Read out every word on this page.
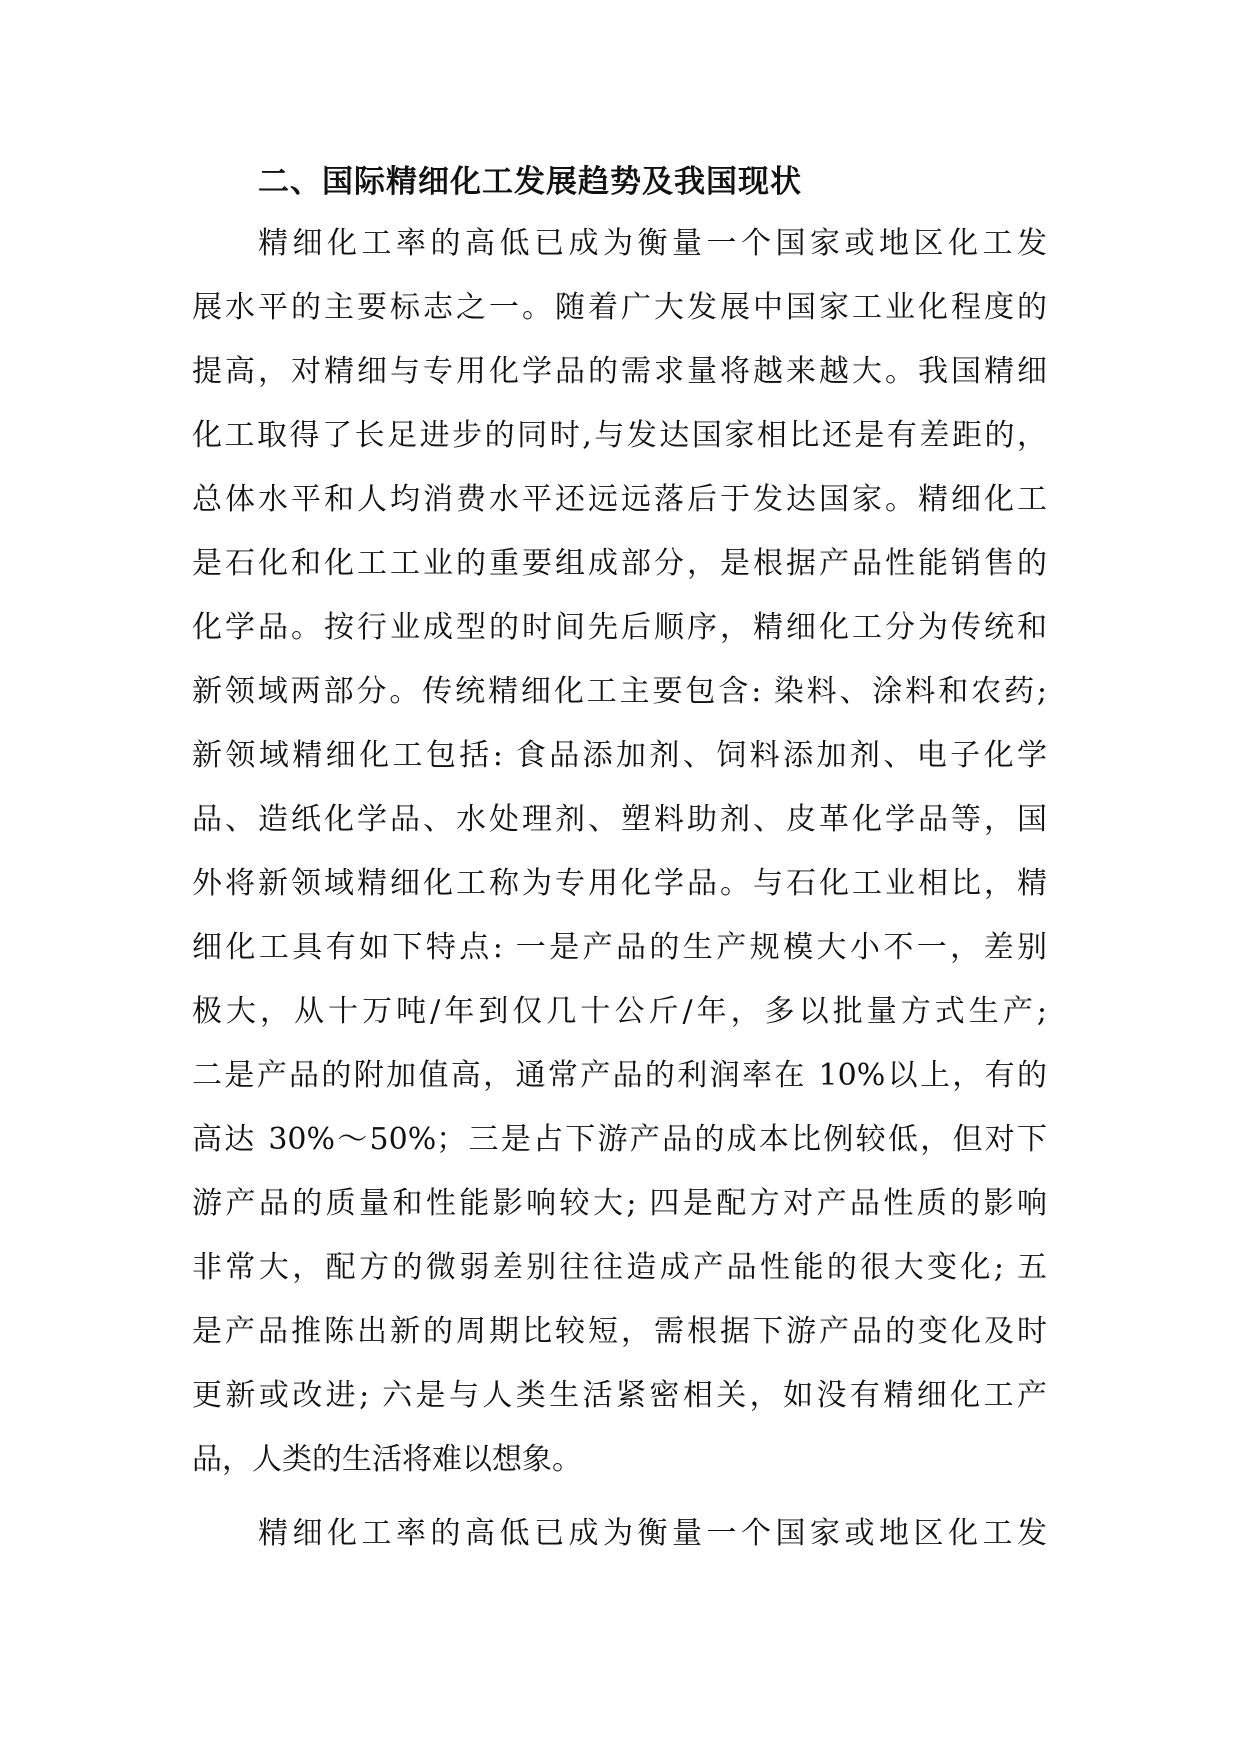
二、国际精细化工发展趋势及我国现状

精细化工率的高低已成为衡量一个国家或地区化工发

展水平的主要标志之一。随着广大发展中国家工业化程度的

提高，对精细与专用化学品的需求量将越来越大。我国精细

化工取得了长足进步的同时,与发达国家相比还是有差距的，

总体水平和人均消费水平还远远落后于发达国家。精细化工

是石化和化工工业的重要组成部分，是根据产品性能销售的

化学品。按行业成型的时间先后顺序，精细化工分为传统和

新领域两部分。传统精细化工主要包含: 染料、涂料和农药;

新领域精细化工包括: 食品添加剂、饲料添加剂、电子化学

品、造纸化学品、水处理剂、塑料助剂、皮革化学品等，国

外将新领域精细化工称为专用化学品。与石化工业相比，精

细化工具有如下特点: 一是产品的生产规模大小不一，差别

极大，从十万吨/年到仅几十公斤/年，多以批量方式生产;

二是产品的附加值高，通常产品的利润率在 10%以上，有的

高达 30%～50%；三是占下游产品的成本比例较低，但对下

游产品的质量和性能影响较大; 四是配方对产品性质的影响

非常大，配方的微弱差别往往造成产品性能的很大变化; 五

是产品推陈出新的周期比较短，需根据下游产品的变化及时

更新或改进; 六是与人类生活紧密相关，如没有精细化工产

品，人类的生活将难以想象。

精细化工率的高低已成为衡量一个国家或地区化工发
